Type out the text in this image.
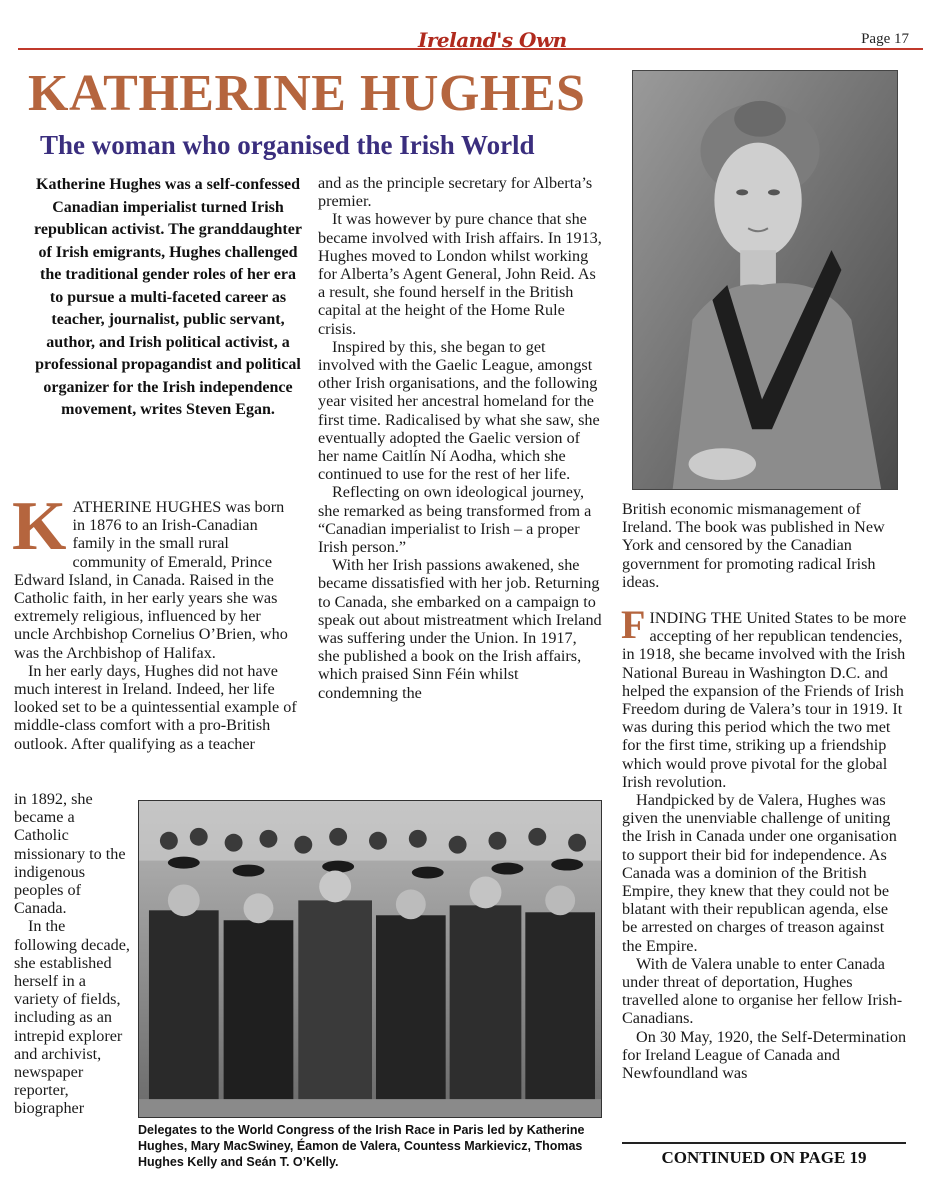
Ireland's Own	Page 17
KATHERINE HUGHES
The woman who organised the Irish World
Katherine Hughes was a self-confessed Canadian imperialist turned Irish republican activist. The granddaughter of Irish emigrants, Hughes challenged the traditional gender roles of her era to pursue a multi-faceted career as teacher, journalist, public servant, author, and Irish political activist, a professional propagandist and political organizer for the Irish independence movement, writes Steven Egan.

KATHERINE HUGHES was born in 1876 to an Irish-Canadian family in the small rural community of Emerald, Prince Edward Island, in Canada. Raised in the Catholic faith, in her early years she was extremely religious, influenced by her uncle Archbishop Cornelius O’Brien, who was the Archbishop of Halifax.

In her early days, Hughes did not have much interest in Ireland. Indeed, her life looked set to be a quintessential example of middle-class comfort with a pro-British outlook. After qualifying as a teacher

in 1892, she became a Catholic missionary to the indigenous peoples of Canada.

In the following decade, she established herself in a variety of fields, including as an intrepid explorer and archivist, newspaper reporter, biographer

and as the principle secretary for Alberta’s premier.

It was however by pure chance that she became involved with Irish affairs. In 1913, Hughes moved to London whilst working for Alberta’s Agent General, John Reid. As a result, she found herself in the British capital at the height of the Home Rule crisis.

Inspired by this, she began to get involved with the Gaelic League, amongst other Irish organisations, and the following year visited her ancestral homeland for the first time. Radicalised by what she saw, she eventually adopted the Gaelic version of her name Caitlín Ní Aodha, which she continued to use for the rest of her life.

Reflecting on own ideological journey, she remarked as being transformed from a “Canadian imperialist to Irish – a proper Irish person.”

With her Irish passions awakened, she became dissatisfied with her job. Returning to Canada, she embarked on a campaign to speak out about mistreatment which Ireland was suffering under the Union. In 1917, she published a book on the Irish affairs, which praised Sinn Féin whilst condemning the

British economic mismanagement of Ireland. The book was published in New York and censored by the Canadian government for promoting radical Irish ideas.

FINDING THE United States to be more accepting of her republican tendencies, in 1918, she became involved with the Irish National Bureau in Washington D.C. and helped the expansion of the Friends of Irish Freedom during de Valera’s tour in 1919. It was during this period which the two met for the first time, striking up a friendship which would prove pivotal for the global Irish revolution.

Handpicked by de Valera, Hughes was given the unenviable challenge of uniting the Irish in Canada under one organisation to support their bid for independence. As Canada was a dominion of the British Empire, they knew that they could not be blatant with their republican agenda, else be arrested on charges of treason against the Empire.

With de Valera unable to enter Canada under threat of deportation, Hughes travelled alone to organise her fellow Irish-Canadians.

On 30 May, 1920, the Self-Determination for Ireland League of Canada and Newfoundland was

Delegates to the World Congress of the Irish Race in Paris led by Katherine Hughes, Mary MacSwiney, Éamon de Valera, Countess Markievicz, Thomas Hughes Kelly and Seán T. O’Kelly.	CONTINUED ON PAGE 19
